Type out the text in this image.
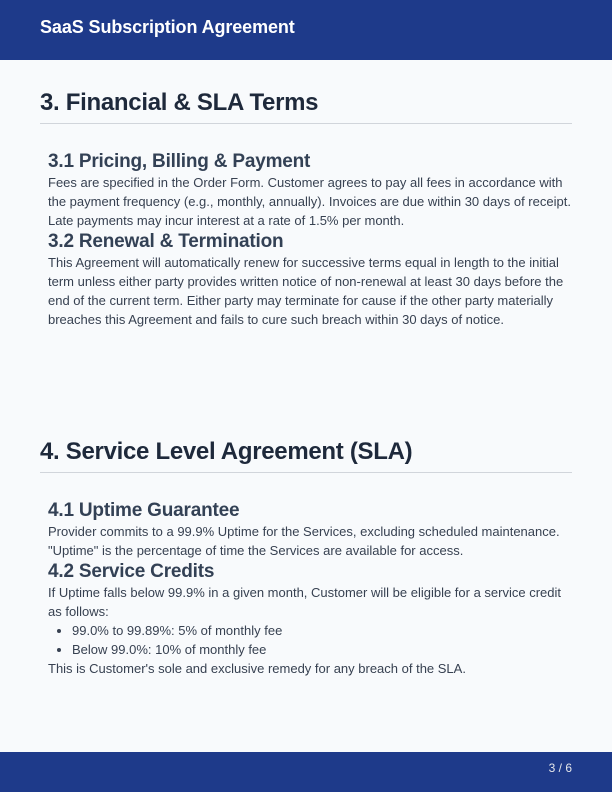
SaaS Subscription Agreement
3. Financial & SLA Terms
3.1 Pricing, Billing & Payment

Fees are specified in the Order Form. Customer agrees to pay all fees in accordance with the payment frequency (e.g., monthly, annually). Invoices are due within 30 days of receipt. Late payments may incur interest at a rate of 1.5% per month.

3.2 Renewal & Termination

This Agreement will automatically renew for successive terms equal in length to the initial term unless either party provides written notice of non-renewal at least 30 days before the end of the current term. Either party may terminate for cause if the other party materially breaches this Agreement and fails to cure such breach within 30 days of notice.

4. Service Level Agreement (SLA)
4.1 Uptime Guarantee

Provider commits to a 99.9% Uptime for the Services, excluding scheduled maintenance. "Uptime" is the percentage of time the Services are available for access.

4.2 Service Credits

If Uptime falls below 99.9% in a given month, Customer will be eligible for a service credit as follows:

• 99.0% to 99.89%: 5% of monthly fee
• Below 99.0%: 10% of monthly fee

This is Customer's sole and exclusive remedy for any breach of the SLA.

3 / 6
